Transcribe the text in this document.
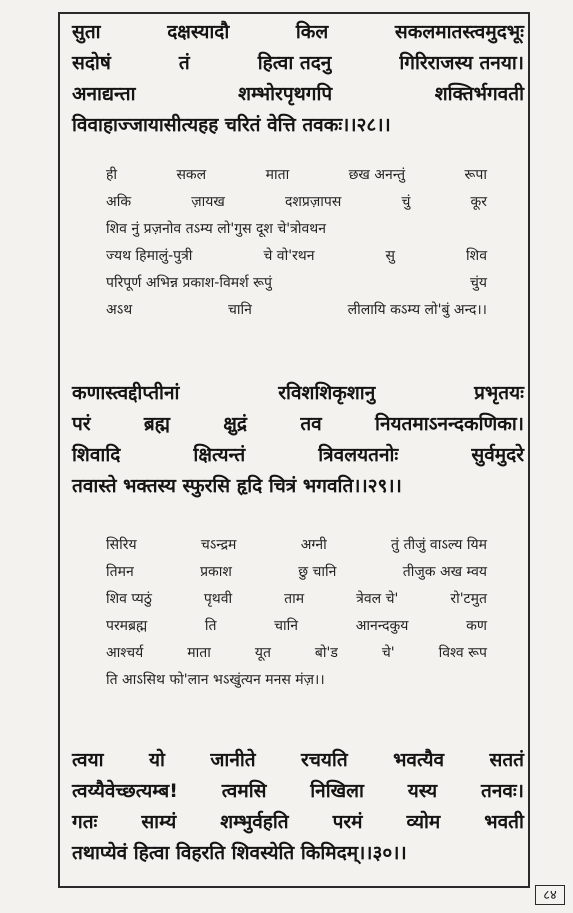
सुता	दक्षस्यादौ	किल	सकलमातस्त्वमुदभूः
सदोषं	तं	हित्वा तदनु	गिरिराजस्य तनया।
अनाद्यन्ता	शम्भोरपृथगपि	शक्तिर्भगवती
विवाहाज्जायासीत्यहह चरितं वेत्ति तवकः।।२८।।
ही	सकल	माता	छख अनन्तुं	रूपा
अकि	ज़ायख	दशप्रज़ापस	चुं	कूर
शिव नुं प्रज़नोव तऽम्य लो'गुस दूश चे'त्रोवथन
ज्यथ हिमालुं-पुत्री	चे वो'रथन	सु	शिव
परिपूर्ण अभिन्न प्रकाश-विमर्श रूपुं	चुंय
अऽथ	चानि	लीलायि कऽम्य लो'बुं अन्द।।
कणास्त्वद्दीप्तीनां	रविशशिकृशानु	प्रभृतयः
परं	ब्रह्म	क्षुद्रं	तव	नियतमाऽनन्दकणिका।
शिवादि	क्षित्यन्तं	त्रिवलयतनोः	सुर्वमुदरे
तवास्ते भक्तस्य स्फुरसि हृदि चित्रं भगवति।।२९।।
सिरिय	चऽन्द्रम	अग्नी	तुं तीजुं वाऽल्य यिम
तिमन	प्रकाश	छु चानि	तीजुक अख म्वय
शिव प्यठुं	पृथवी	ताम	त्रेवल चे'	रो'टमुत
परमब्रह्म	ति	चानि	आनन्दकुय	कण
आश्चर्य	माता	यूत	बो'ड	चे'	विश्व रूप
ति आऽसिथ फो'लान भऽखुंत्यन मनस मंज़।।
त्वया यो जानीते रचयति भवत्यैव सततं
त्वय्यैवेच्छत्यम्ब! त्वमसि निखिला यस्य तनवः।
गतः साम्यं शम्भुर्वहति परमं व्योम भवती
तथाप्येवं हित्वा विहरति शिवस्येति किमिदम्।।३०।।
८४
